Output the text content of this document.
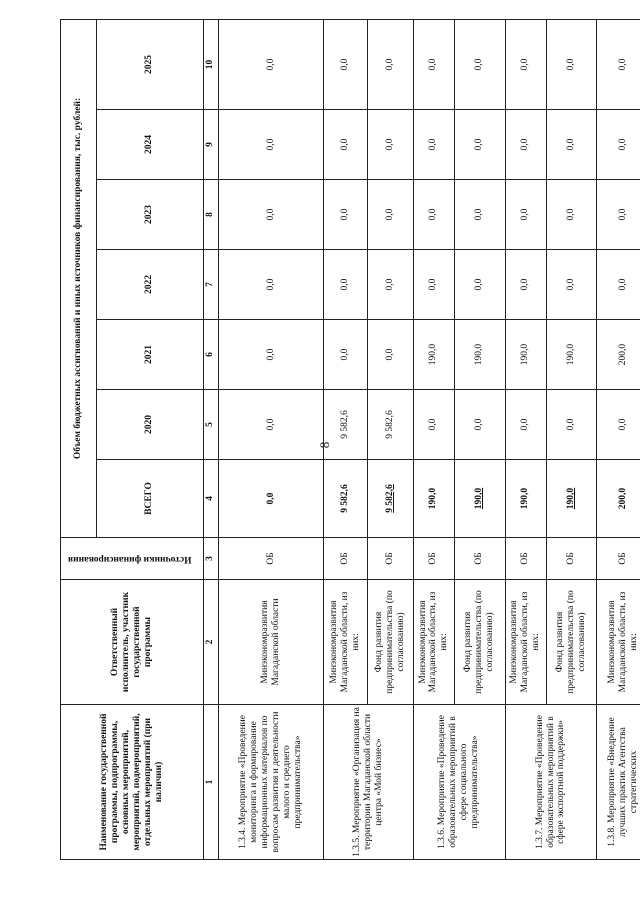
8
Наименование государственной программы, подпрограммы, основных мероприятий, мероприятий, подмероприятий, отдельных мероприятий (при наличии)	Ответственный исполнитель, участник государственной программы	Источники финансирования	Объем бюджетных ассигнований и иных источников финансирования, тыс. рублей:						
			ВСЕГО	2020	2021	2022	2023	2024	2025
1	2	3	4	5	6	7	8	9	10
1.3.4. Мероприятие «Проведение мониторинга и формирование информационных материалов по вопросам развития и деятельности малого и среднего предпринимательства»	Минэкономразвития Магаданской области	ОБ	0,0	0,0	0,0	0,0	0,0	0,0	0,0
1.3.5. Мероприятие «Организация на территории Магаданской области центра «Мой бизнес»	Минэкономразвития Магаданской области, из них:	ОБ	9 582,6	9 582,6	0,0	0,0	0,0	0,0	0,0
	Фонд развития предпринимательства (по согласованию)	ОБ	9 582,6	9 582,6	0,0	0,0	0,0	0,0	0,0
1.3.6. Мероприятие «Проведение образовательных мероприятий в сфере социального предпринимательства»	Минэкономразвития Магаданской области, из них:	ОБ	190,0	0,0	190,0	0,0	0,0	0,0	0,0
	Фонд развития предпринимательства (по согласованию)	ОБ	190,0	0,0	190,0	0,0	0,0	0,0	0,0
1.3.7. Мероприятие «Проведение образовательных мероприятий в сфере экспортной поддержки»	Минэкономразвития Магаданской области, из них:	ОБ	190,0	0,0	190,0	0,0	0,0	0,0	0,0
	Фонд развития предпринимательства (по согласованию)	ОБ	190,0	0,0	190,0	0,0	0,0	0,0	0,0
1.3.8. Мероприятие «Внедрение лучших практик Агентства стратегических	Минэкономразвития Магаданской области, из них:	ОБ	200,0	0,0	200,0	0,0	0,0	0,0	0,0
